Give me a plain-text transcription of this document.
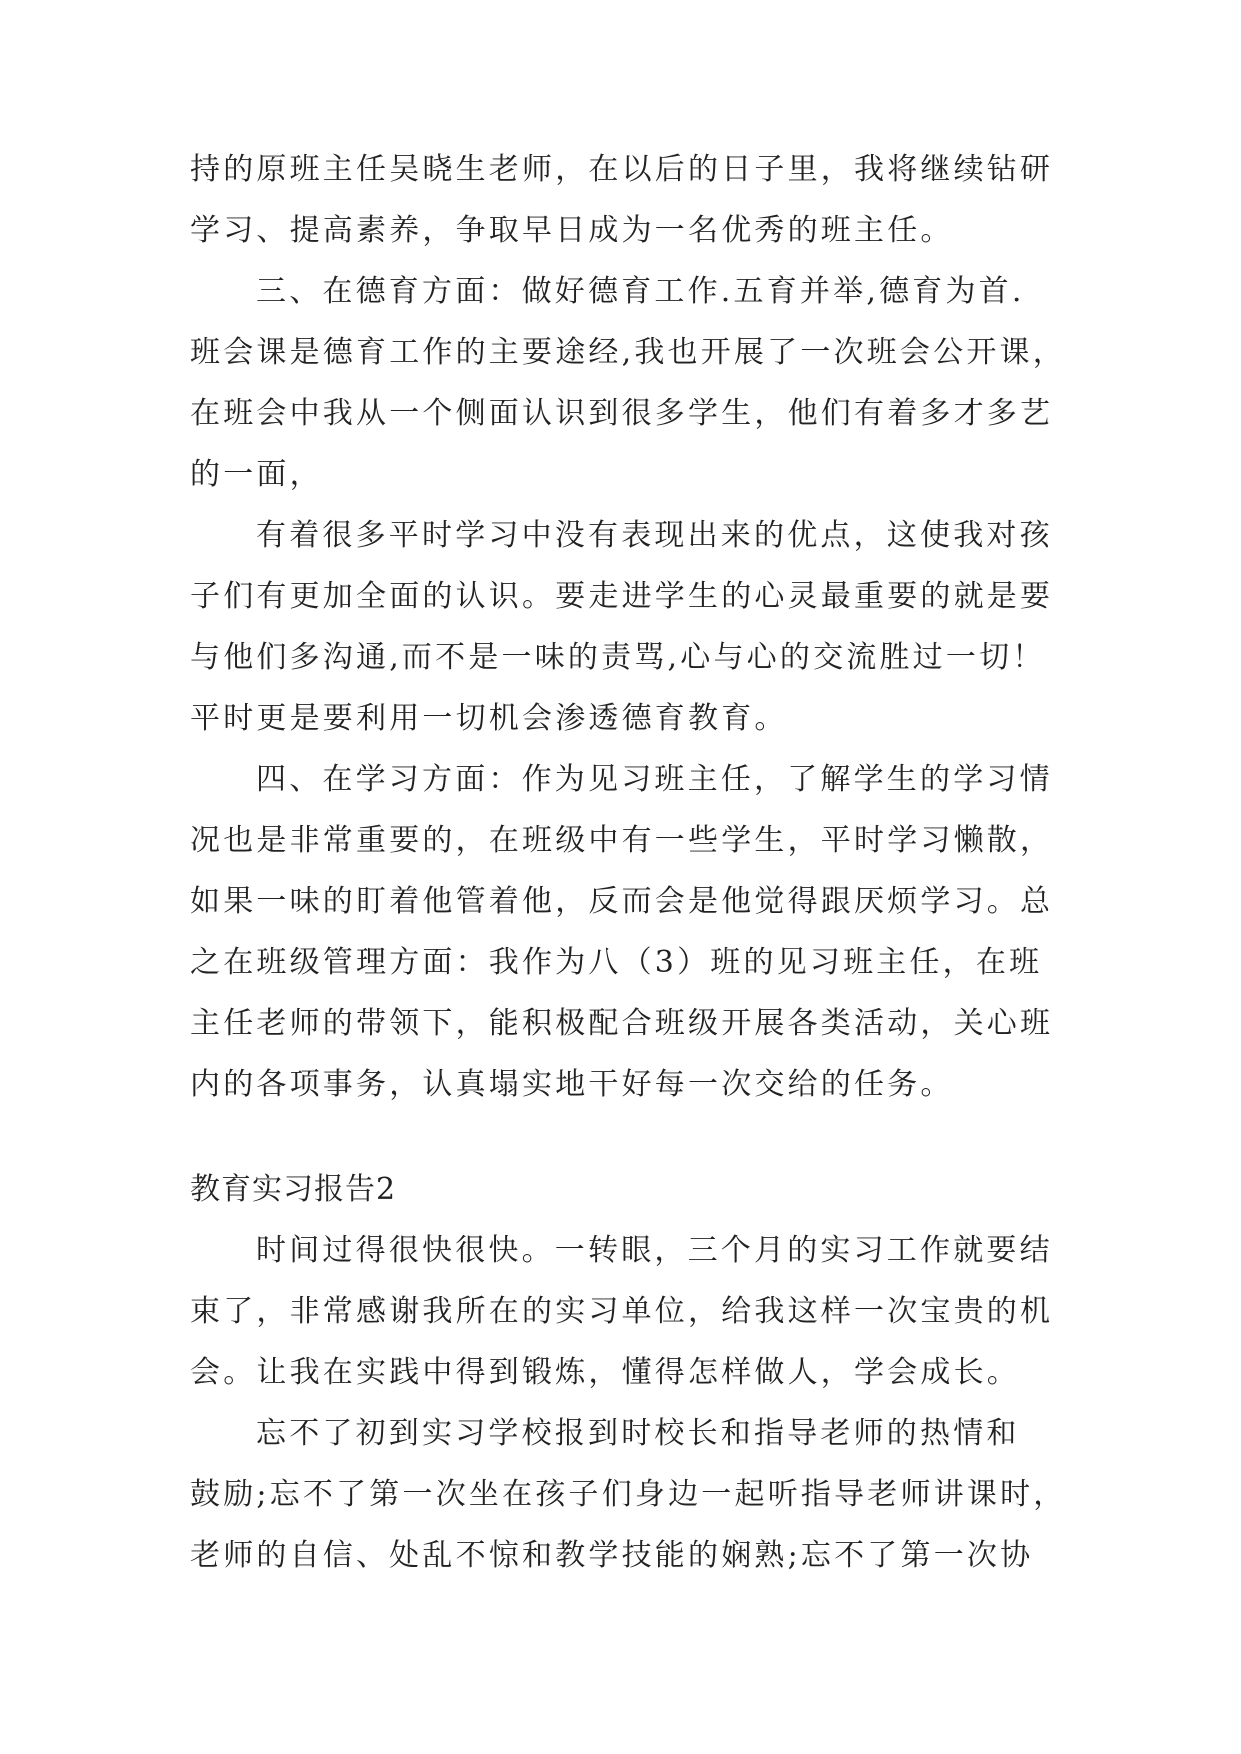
持的原班主任吴晓生老师，在以后的日子里，我将继续钻研
学习、提高素养，争取早日成为一名优秀的班主任。
三、在德育方面：做好德育工作.五育并举,德育为首.
班会课是德育工作的主要途经,我也开展了一次班会公开课，
在班会中我从一个侧面认识到很多学生，他们有着多才多艺
的一面，
有着很多平时学习中没有表现出来的优点，这使我对孩
子们有更加全面的认识。要走进学生的心灵最重要的就是要
与他们多沟通,而不是一味的责骂,心与心的交流胜过一切！
平时更是要利用一切机会渗透德育教育。
四、在学习方面：作为见习班主任，了解学生的学习情
况也是非常重要的，在班级中有一些学生，平时学习懒散，
如果一味的盯着他管着他，反而会是他觉得跟厌烦学习。总
之在班级管理方面：我作为八（3）班的见习班主任，在班
主任老师的带领下，能积极配合班级开展各类活动，关心班
内的各项事务，认真塌实地干好每一次交给的任务。
教育实习报告2
时间过得很快很快。一转眼，三个月的实习工作就要结
束了，非常感谢我所在的实习单位，给我这样一次宝贵的机
会。让我在实践中得到锻炼，懂得怎样做人，学会成长。
忘不了初到实习学校报到时校长和指导老师的热情和
鼓励;忘不了第一次坐在孩子们身边一起听指导老师讲课时，
老师的自信、处乱不惊和教学技能的娴熟;忘不了第一次协
